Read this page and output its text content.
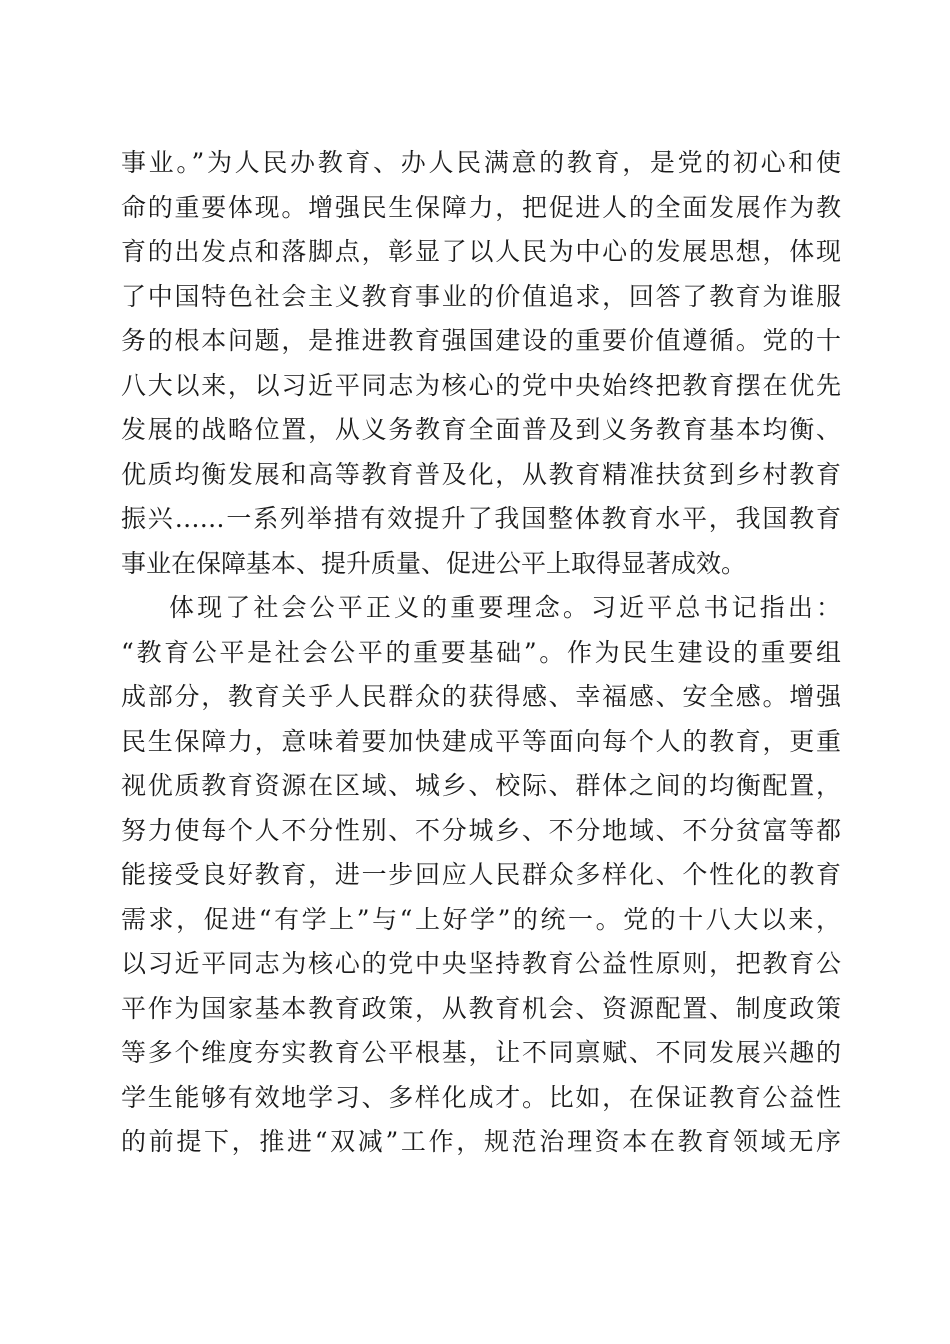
事业。”为人民办教育、办人民满意的教育，是党的初心和使
命的重要体现。增强民生保障力，把促进人的全面发展作为教
育的出发点和落脚点，彰显了以人民为中心的发展思想，体现
了中国特色社会主义教育事业的价值追求，回答了教育为谁服
务的根本问题，是推进教育强国建设的重要价值遵循。党的十
八大以来，以习近平同志为核心的党中央始终把教育摆在优先
发展的战略位置，从义务教育全面普及到义务教育基本均衡、
优质均衡发展和高等教育普及化，从教育精准扶贫到乡村教育
振兴……一系列举措有效提升了我国整体教育水平，我国教育
事业在保障基本、提升质量、促进公平上取得显著成效。
体现了社会公平正义的重要理念。习近平总书记指出：
“教育公平是社会公平的重要基础”。作为民生建设的重要组
成部分，教育关乎人民群众的获得感、幸福感、安全感。增强
民生保障力，意味着要加快建成平等面向每个人的教育，更重
视优质教育资源在区域、城乡、校际、群体之间的均衡配置，
努力使每个人不分性别、不分城乡、不分地域、不分贫富等都
能接受良好教育，进一步回应人民群众多样化、个性化的教育
需求，促进“有学上”与“上好学”的统一。党的十八大以来，
以习近平同志为核心的党中央坚持教育公益性原则，把教育公
平作为国家基本教育政策，从教育机会、资源配置、制度政策
等多个维度夯实教育公平根基，让不同禀赋、不同发展兴趣的
学生能够有效地学习、多样化成才。比如，在保证教育公益性
的前提下，推进“双减”工作，规范治理资本在教育领域无序
